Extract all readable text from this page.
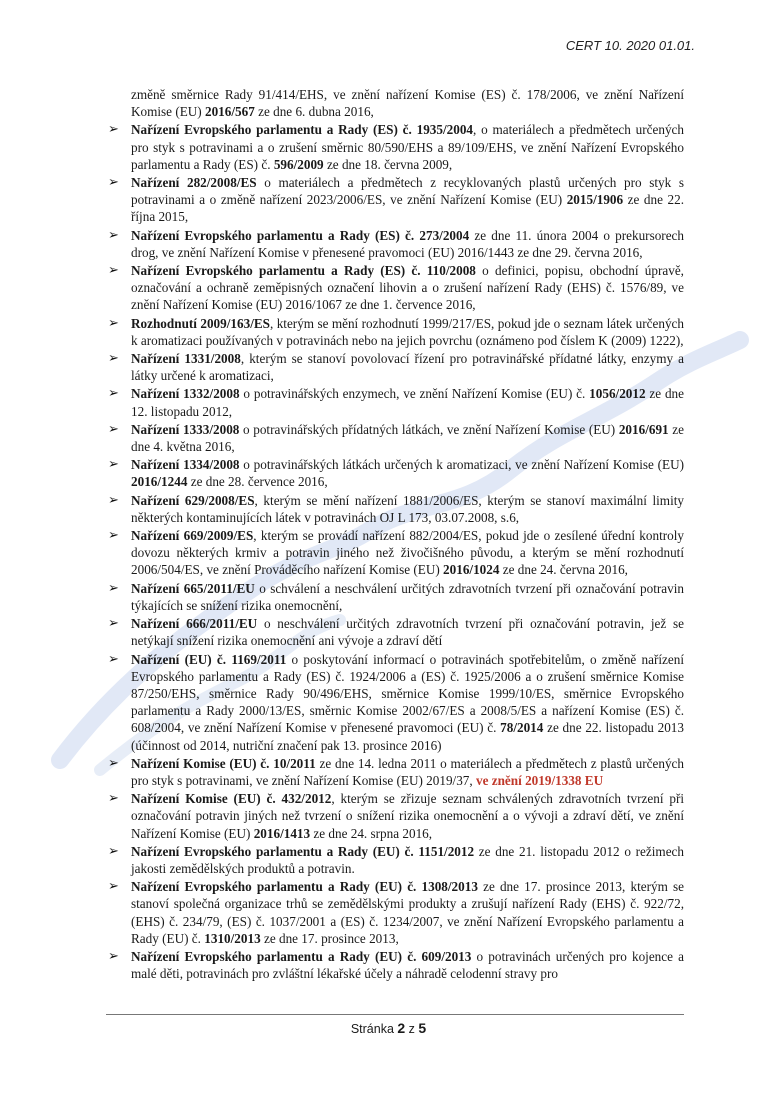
CERT 10. 2020 01.01.
změně směrnice Rady 91/414/EHS, ve znění nařízení Komise (ES) č. 178/2006, ve znění Nařízení Komise (EU) 2016/567 ze dne 6. dubna 2016,
➢ Nařízení Evropského parlamentu a Rady (ES) č. 1935/2004, o materiálech a předmětech určených pro styk s potravinami a o zrušení směrnic 80/590/EHS a 89/109/EHS, ve znění Nařízení Evropského parlamentu a Rady (ES) č. 596/2009 ze dne 18. června 2009,
➢ Nařízení 282/2008/ES o materiálech a předmětech z recyklovaných plastů určených pro styk s potravinami a o změně nařízení 2023/2006/ES, ve znění Nařízení Komise (EU) 2015/1906 ze dne 22. října 2015,
➢ Nařízení Evropského parlamentu a Rady (ES) č. 273/2004 ze dne 11. února 2004 o prekursorech drog, ve znění Nařízení Komise v přenesené pravomoci (EU) 2016/1443 ze dne 29. června 2016,
➢ Nařízení Evropského parlamentu a Rady (ES) č. 110/2008 o definici, popisu, obchodní úpravě, označování a ochraně zeměpisných označení lihovin a o zrušení nařízení Rady (EHS) č. 1576/89, ve znění Nařízení Komise (EU) 2016/1067 ze dne 1. července 2016,
➢ Rozhodnutí 2009/163/ES, kterým se mění rozhodnutí 1999/217/ES, pokud jde o seznam látek určených k aromatizaci používaných v potravinách nebo na jejich povrchu (oznámeno pod číslem K (2009) 1222),
➢ Nařízení 1331/2008, kterým se stanoví povolovací řízení pro potravinářské přídatné látky, enzymy a látky určené k aromatizaci,
➢ Nařízení 1332/2008 o potravinářských enzymech, ve znění Nařízení Komise (EU) č. 1056/2012 ze dne 12. listopadu 2012,
➢ Nařízení 1333/2008 o potravinářských přídatných látkách, ve znění Nařízení Komise (EU) 2016/691 ze dne 4. května 2016,
➢ Nařízení 1334/2008 o potravinářských látkách určených k aromatizaci, ve znění Nařízení Komise (EU) 2016/1244 ze dne 28. července 2016,
➢ Nařízení 629/2008/ES, kterým se mění nařízení 1881/2006/ES, kterým se stanoví maximální limity některých kontaminujících látek v potravinách OJ L 173, 03.07.2008, s.6,
➢ Nařízení 669/2009/ES, kterým se provádí nařízení 882/2004/ES, pokud jde o zesílené úřední kontroly dovozu některých krmiv a potravin jiného než živočišného původu, a kterým se mění rozhodnutí 2006/504/ES, ve znění Prováděcího nařízení Komise (EU) 2016/1024 ze dne 24. června 2016,
➢ Nařízení 665/2011/EU o schválení a neschválení určitých zdravotních tvrzení při označování potravin týkajících se snížení rizika onemocnění,
➢ Nařízení 666/2011/EU o neschválení určitých zdravotních tvrzení při označování potravin, jež se netýkají snížení rizika onemocnění ani vývoje a zdraví dětí
➢ Nařízení (EU) č. 1169/2011 o poskytování informací o potravinách spotřebitelům, o změně nařízení Evropského parlamentu a Rady (ES) č. 1924/2006 a (ES) č. 1925/2006 a o zrušení směrnice Komise 87/250/EHS, směrnice Rady 90/496/EHS, směrnice Komise 1999/10/ES, směrnice Evropského parlamentu a Rady 2000/13/ES, směrnic Komise 2002/67/ES a 2008/5/ES a nařízení Komise (ES) č. 608/2004, ve znění Nařízení Komise v přenesené pravomoci (EU) č. 78/2014 ze dne 22. listopadu 2013 (účinnost od 2014, nutriční značení pak 13. prosince 2016)
➢ Nařízení Komise (EU) č. 10/2011 ze dne 14. ledna 2011 o materiálech a předmětech z plastů určených pro styk s potravinami, ve znění Nařízení Komise (EU) 2019/37, ve znění 2019/1338 EU
➢ Nařízení Komise (EU) č. 432/2012, kterým se zřizuje seznam schválených zdravotních tvrzení při označování potravin jiných než tvrzení o snížení rizika onemocnění a o vývoji a zdraví dětí, ve znění Nařízení Komise (EU) 2016/1413 ze dne 24. srpna 2016,
➢ Nařízení Evropského parlamentu a Rady (EU) č. 1151/2012 ze dne 21. listopadu 2012 o režimech jakosti zemědělských produktů a potravin.
➢ Nařízení Evropského parlamentu a Rady (EU) č. 1308/2013 ze dne 17. prosince 2013, kterým se stanoví společná organizace trhů se zemědělskými produkty a zrušují nařízení Rady (EHS) č. 922/72, (EHS) č. 234/79, (ES) č. 1037/2001 a (ES) č. 1234/2007, ve znění Nařízení Evropského parlamentu a Rady (EU) č. 1310/2013 ze dne 17. prosince 2013,
➢ Nařízení Evropského parlamentu a Rady (EU) č. 609/2013 o potravinách určených pro kojence a malé děti, potravinách pro zvláštní lékařské účely a náhradě celodenní stravy pro
Stránka 2 z 5
